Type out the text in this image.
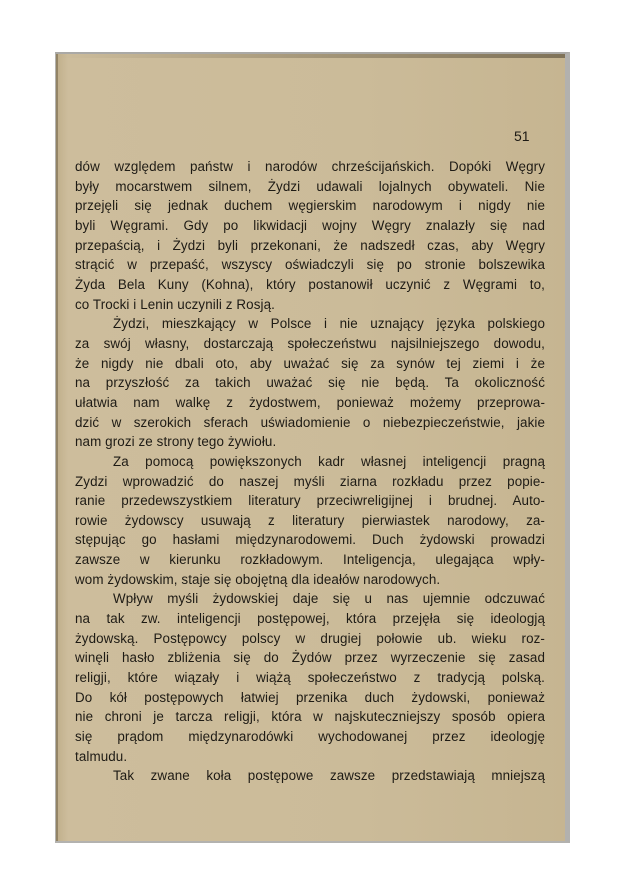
51
dów względem państw i narodów chrześcijańskich. Dopóki Węgry
były mocarstwem silnem, Żydzi udawali lojalnych obywateli. Nie
przejęli się jednak duchem węgierskim narodowym i nigdy nie
byli Węgrami. Gdy po likwidacji wojny Węgry znalazły się nad
przepaścią, i Żydzi byli przekonani, że nadszedł czas, aby Węgry
strącić w przepaść, wszyscy oświadczyli się po stronie bolszewika
Żyda Bela Kuny (Kohna), który postanowił uczynić z Węgrami to,
co Trocki i Lenin uczynili z Rosją.
Żydzi, mieszkający w Polsce i nie uznający języka polskiego
za swój własny, dostarczają społeczeństwu najsilniejszego dowodu,
że nigdy nie dbali oto, aby uważać się za synów tej ziemi i że
na przyszłość za takich uważać się nie będą. Ta okoliczność
ułatwia nam walkę z żydostwem, ponieważ możemy przeprowa-
dzić w szerokich sferach uświadomienie o niebezpieczeństwie, jakie
nam grozi ze strony tego żywiołu.
Za pomocą powiększonych kadr własnej inteligencji pragną
Zydzi wprowadzić do naszej myśli ziarna rozkładu przez popie-
ranie przedewszystkiem literatury przeciwreligijnej i brudnej. Auto-
rowie żydowscy usuwają z literatury pierwiastek narodowy, za-
stępując go hasłami międzynarodowemi. Duch żydowski prowadzi
zawsze w kierunku rozkładowym. Inteligencja, ulegająca wpły-
wom żydowskim, staje się obojętną dla ideałów narodowych.
Wpływ myśli żydowskiej daje się u nas ujemnie odczuwać
na tak zw. inteligencji postępowej, która przejęła się ideologją
żydowską. Postępowcy polscy w drugiej połowie ub. wieku roz-
winęli hasło zbliżenia się do Żydów przez wyrzeczenie się zasad
religji, które wiązały i wiążą społeczeństwo z tradycją polską.
Do kół postępowych łatwiej przenika duch żydowski, ponieważ
nie chroni je tarcza religji, która w najskuteczniejszy sposób opiera
się prądom międzynarodówki wychodowanej przez ideologję
talmudu.
Tak zwane koła postępowe zawsze przedstawiają mniejszą
